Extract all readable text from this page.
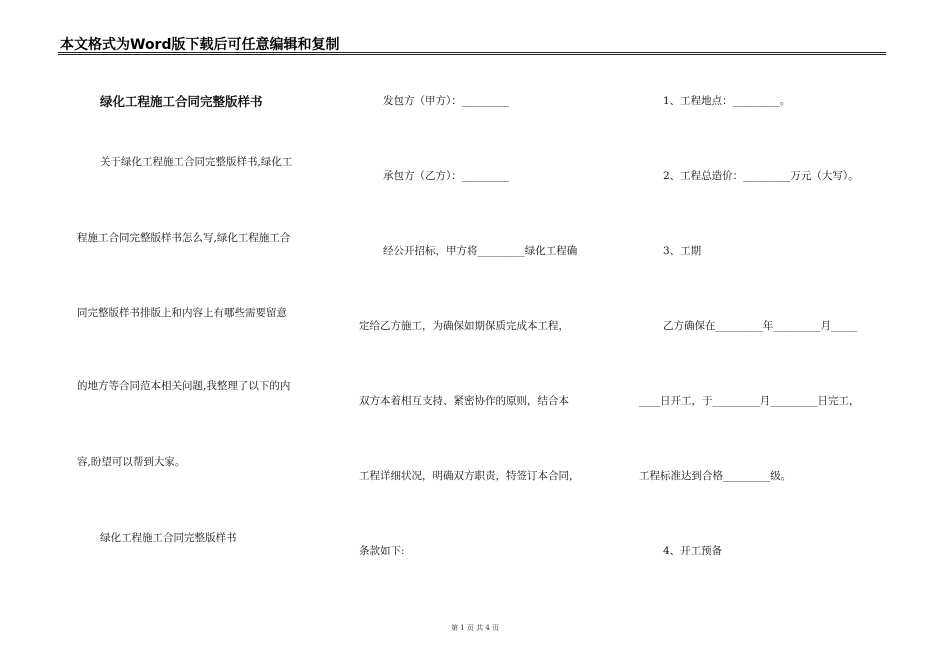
本文格式为Word版下载后可任意编辑和复制
绿化工程施工合同完整版样书
关于绿化工程施工合同完整版样书,绿化工
程施工合同完整版样书怎么写,绿化工程施工合
同完整版样书排版上和内容上有哪些需要留意
的地方等合同范本相关问题,我整理了以下的内
容,盼望可以帮到大家。
绿化工程施工合同完整版样书
发包方（甲方）：_________
承包方（乙方）：_________
经公开招标，甲方将_________绿化工程确
定给乙方施工，为确保如期保质完成本工程，
双方本着相互支持、紧密协作的原则，结合本
工程详细状况，明确双方职责，特签订本合同，
条款如下:
1、工程地点：_________。
2、工程总造价：_________万元（大写）。
3、工期
乙方确保在_________年_________月_____
____日开工，于_________月_________日完工，
工程标准达到合格_________级。
4、开工预备
第 1 页 共 4 页
